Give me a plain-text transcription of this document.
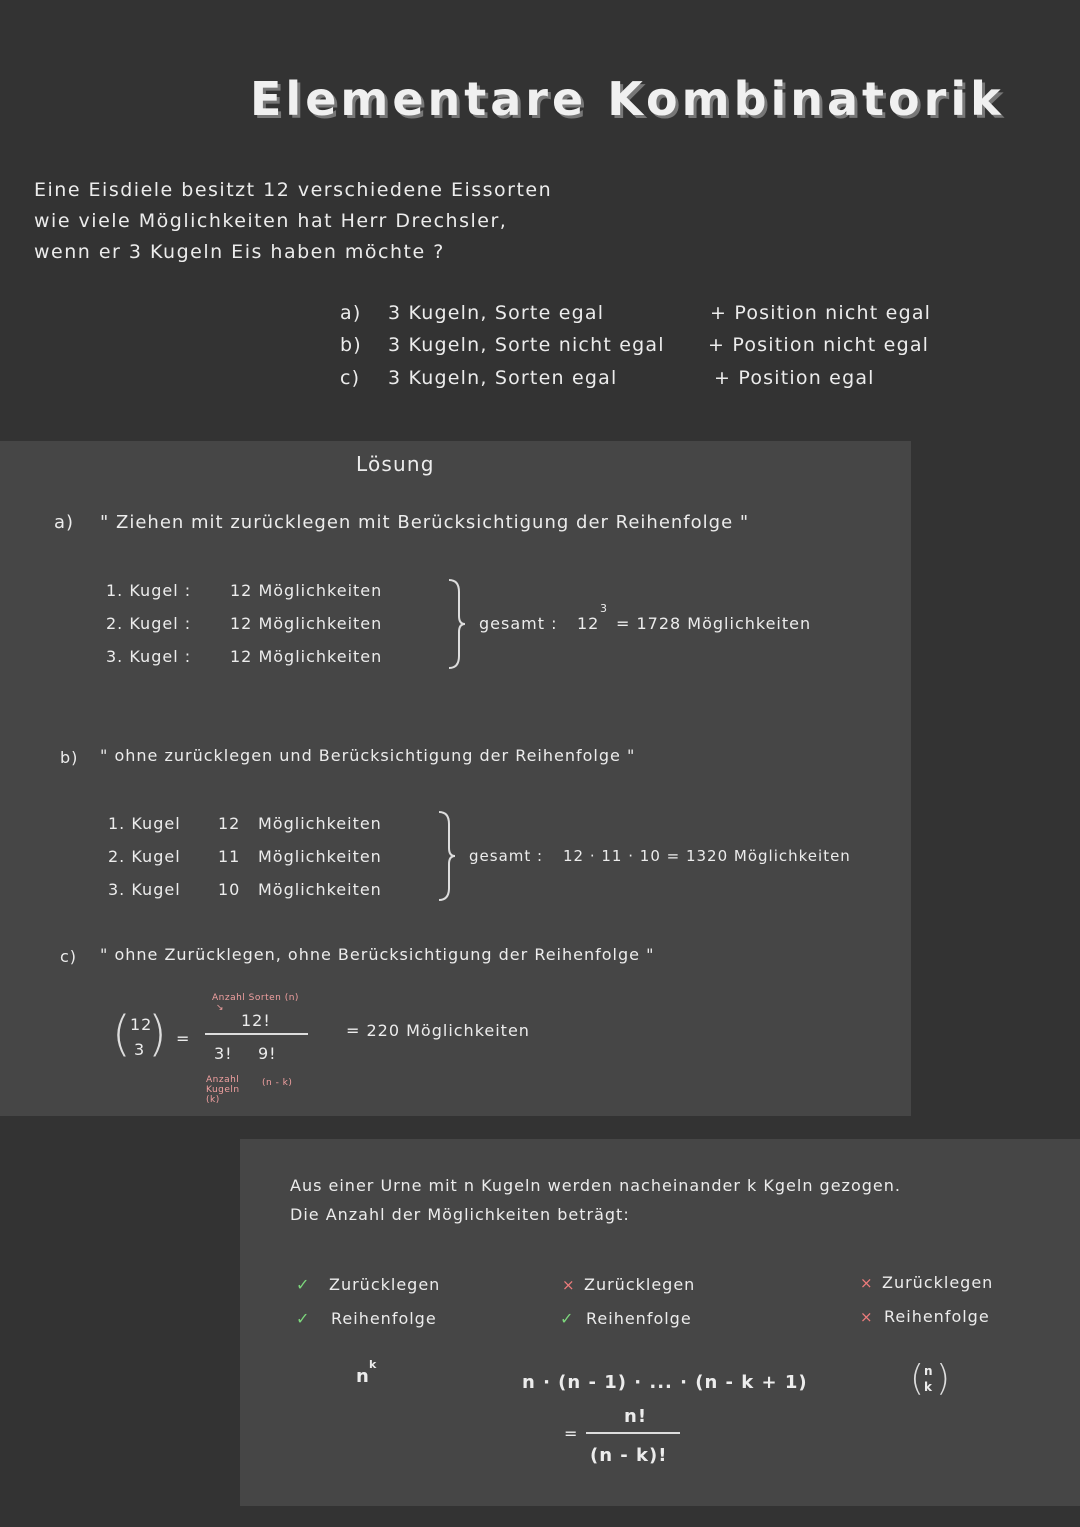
Elementare Kombinatorik
Eine Eisdiele besitzt 12 verschiedene Eissorten
wie viele Möglichkeiten hat Herr Drechsler,
wenn er 3 Kugeln Eis haben möchte ?
a) 3 Kugeln, Sorte egal	+ Position nicht egal
b) 3 Kugeln, Sorte nicht egal + Position nicht egal
c) 3 Kugeln, Sorten egal	+ Position egal
Lösung
a) " Ziehen mit zurücklegen mit Berücksichtigung der Reihenfolge "
1. Kugel : 12 Möglichkeiten
2. Kugel : 12 Möglichkeiten
3. Kugel : 12 Möglichkeiten
gesamt : 12
3
= 1728 Möglichkeiten
b) " ohne zurücklegen und Berücksichtigung der Reihenfolge "
1. Kugel 12 Möglichkeiten
2. Kugel 11 Möglichkeiten
3. Kugel 10 Möglichkeiten
gesamt : 12 · 11 · 10 = 1320 Möglichkeiten
c) " ohne Zurücklegen, ohne Berücksichtigung der Reihenfolge "
( 12
3 ) =
Anzahl Sorten (n)
↘
12!
3! 9!
Anzahl Kugeln (k)
(n - k)
= 220 Möglichkeiten
Aus einer Urne mit n Kugeln werden nacheinander k Kgeln gezogen.
Die Anzahl der Möglichkeiten beträgt:
✓ Zurücklegen
✓ Reihenfolge
n
k
× Zurücklegen
✓ Reihenfolge
n · (n - 1) · ... · (n - k + 1)
=
n!
(n - k)!
× Zurücklegen
× Reihenfolge
( n
k )
